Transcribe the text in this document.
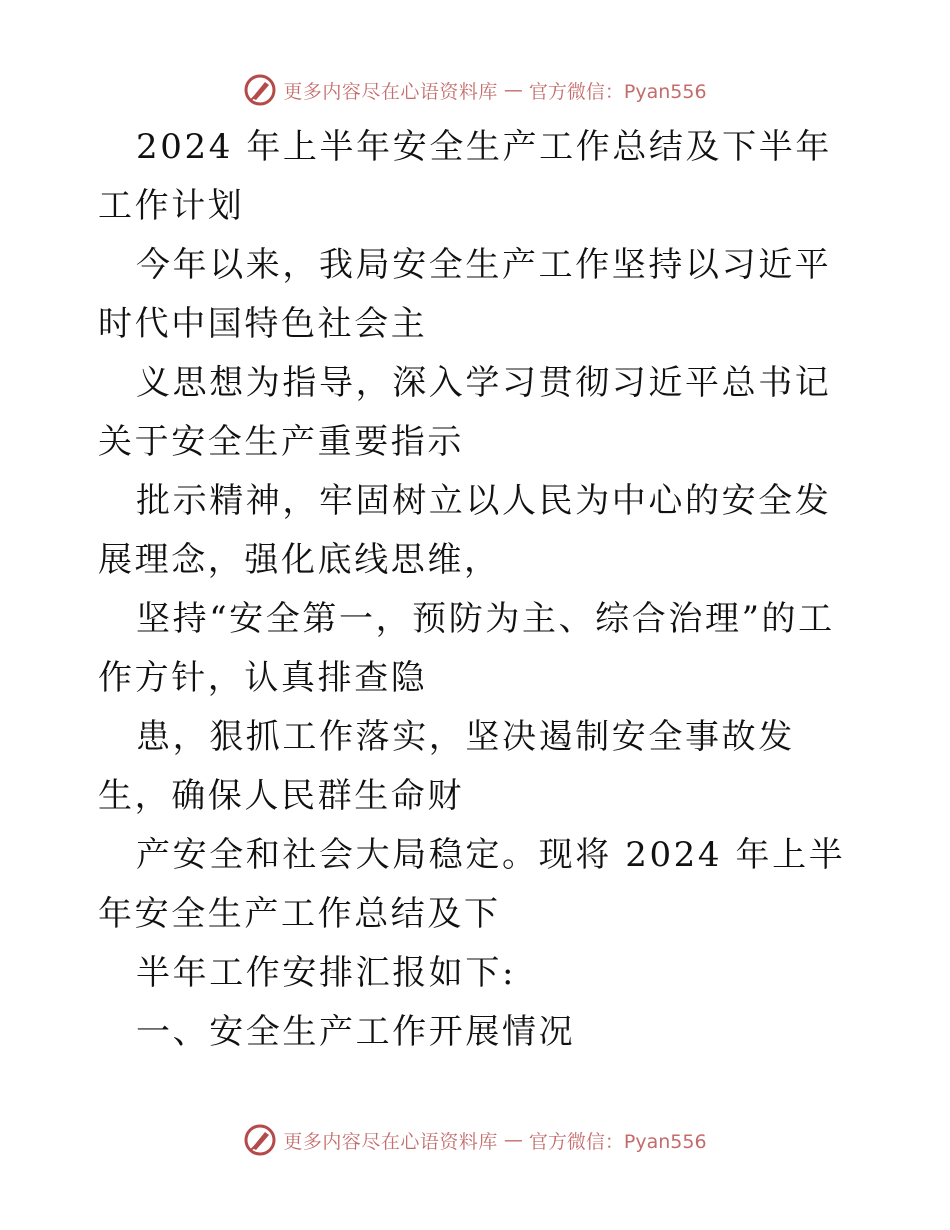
更多内容尽在心语资料库 — 官方微信：Pyan556

2024 年上半年安全生产工作总结及下半年工作计划

今年以来，我局安全生产工作坚持以习近平时代中国特色社会主

义思想为指导，深入学习贯彻习近平总书记关于安全生产重要指示

批示精神，牢固树立以人民为中心的安全发展理念，强化底线思维，

坚持“安全第一，预防为主、综合治理”的工作方针，认真排查隐

患，狠抓工作落实，坚决遏制安全事故发生，确保人民群生命财

产安全和社会大局稳定。现将 2024 年上半年安全生产工作总结及下

半年工作安排汇报如下:

一、安全生产工作开展情况

更多内容尽在心语资料库 — 官方微信：Pyan556
